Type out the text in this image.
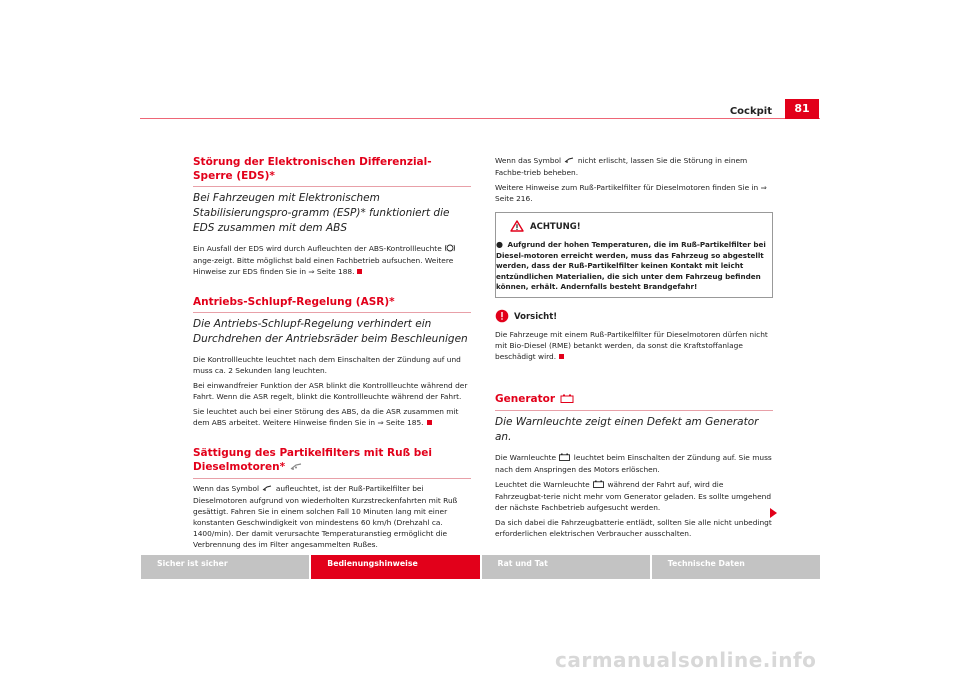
Cockpit	81
Störung der Elektronischen Differenzial-Sperre (EDS)*
Bei Fahrzeugen mit Elektronischem Stabilisierungspro-gramm (ESP)* funktioniert die EDS zusammen mit dem ABS

Ein Ausfall der EDS wird durch Aufleuchten der ABS-Kontrollleuchte  ange-zeigt. Bitte möglichst bald einen Fachbetrieb aufsuchen. Weitere Hinweise zur EDS finden Sie in ⇒ Seite 188.

Antriebs-Schlupf-Regelung (ASR)*
Die Antriebs-Schlupf-Regelung verhindert ein Durchdrehen der Antriebsräder beim Beschleunigen

Die Kontrollleuchte leuchtet nach dem Einschalten der Zündung auf und muss ca. 2 Sekunden lang leuchten.

Bei einwandfreier Funktion der ASR blinkt die Kontrollleuchte während der Fahrt. Wenn die ASR regelt, blinkt die Kontrollleuchte während der Fahrt.

Sie leuchtet auch bei einer Störung des ABS, da die ASR zusammen mit dem ABS arbeitet. Weitere Hinweise finden Sie in ⇒ Seite 185.

Sättigung des Partikelfilters mit Ruß bei Dieselmotoren*

Wenn das Symbol aufleuchtet, ist der Ruß-Partikelfilter bei Dieselmotoren aufgrund von wiederholten Kurzstreckenfahrten mit Ruß gesättigt. Fahren Sie in einem solchen Fall 10 Minuten lang mit einer konstanten Geschwindigkeit von mindestens 60 km/h (Drehzahl ca. 1400/min). Der damit verursachte Temperaturanstieg ermöglicht die Verbrennung des im Filter angesammelten Rußes.

Wenn das Symbol nicht erlischt, lassen Sie die Störung in einem Fachbe-trieb beheben.

Weitere Hinweise zum Ruß-Partikelfilter für Dieselmotoren finden Sie in ⇒ Seite 216.

ACHTUNG!
● Aufgrund der hohen Temperaturen, die im Ruß-Partikelfilter bei Diesel-motoren erreicht werden, muss das Fahrzeug so abgestellt werden, dass der Ruß-Partikelfilter keinen Kontakt mit leicht entzündlichen Materialien, die sich unter dem Fahrzeug befinden können, erhält. Andernfalls besteht Brandgefahr!
Vorsicht!

Die Fahrzeuge mit einem Ruß-Partikelfilter für Dieselmotoren dürfen nicht mit Bio-Diesel (RME) betankt werden, da sonst die Kraftstoffanlage beschädigt wird.

Generator
Die Warnleuchte zeigt einen Defekt am Generator an.

Die Warnleuchte leuchtet beim Einschalten der Zündung auf. Sie muss nach dem Anspringen des Motors erlöschen.

Leuchtet die Warnleuchte während der Fahrt auf, wird die Fahrzeugbat-terie nicht mehr vom Generator geladen. Es sollte umgehend der nächste Fachbetrieb aufgesucht werden.

Da sich dabei die Fahrzeugbatterie entlädt, sollten Sie alle nicht unbedingt erforderlichen elektrischen Verbraucher ausschalten.

Sicher ist sicher	Bedienungshinweise	Rat und Tat	Technische Daten
carmanualsonline.info
